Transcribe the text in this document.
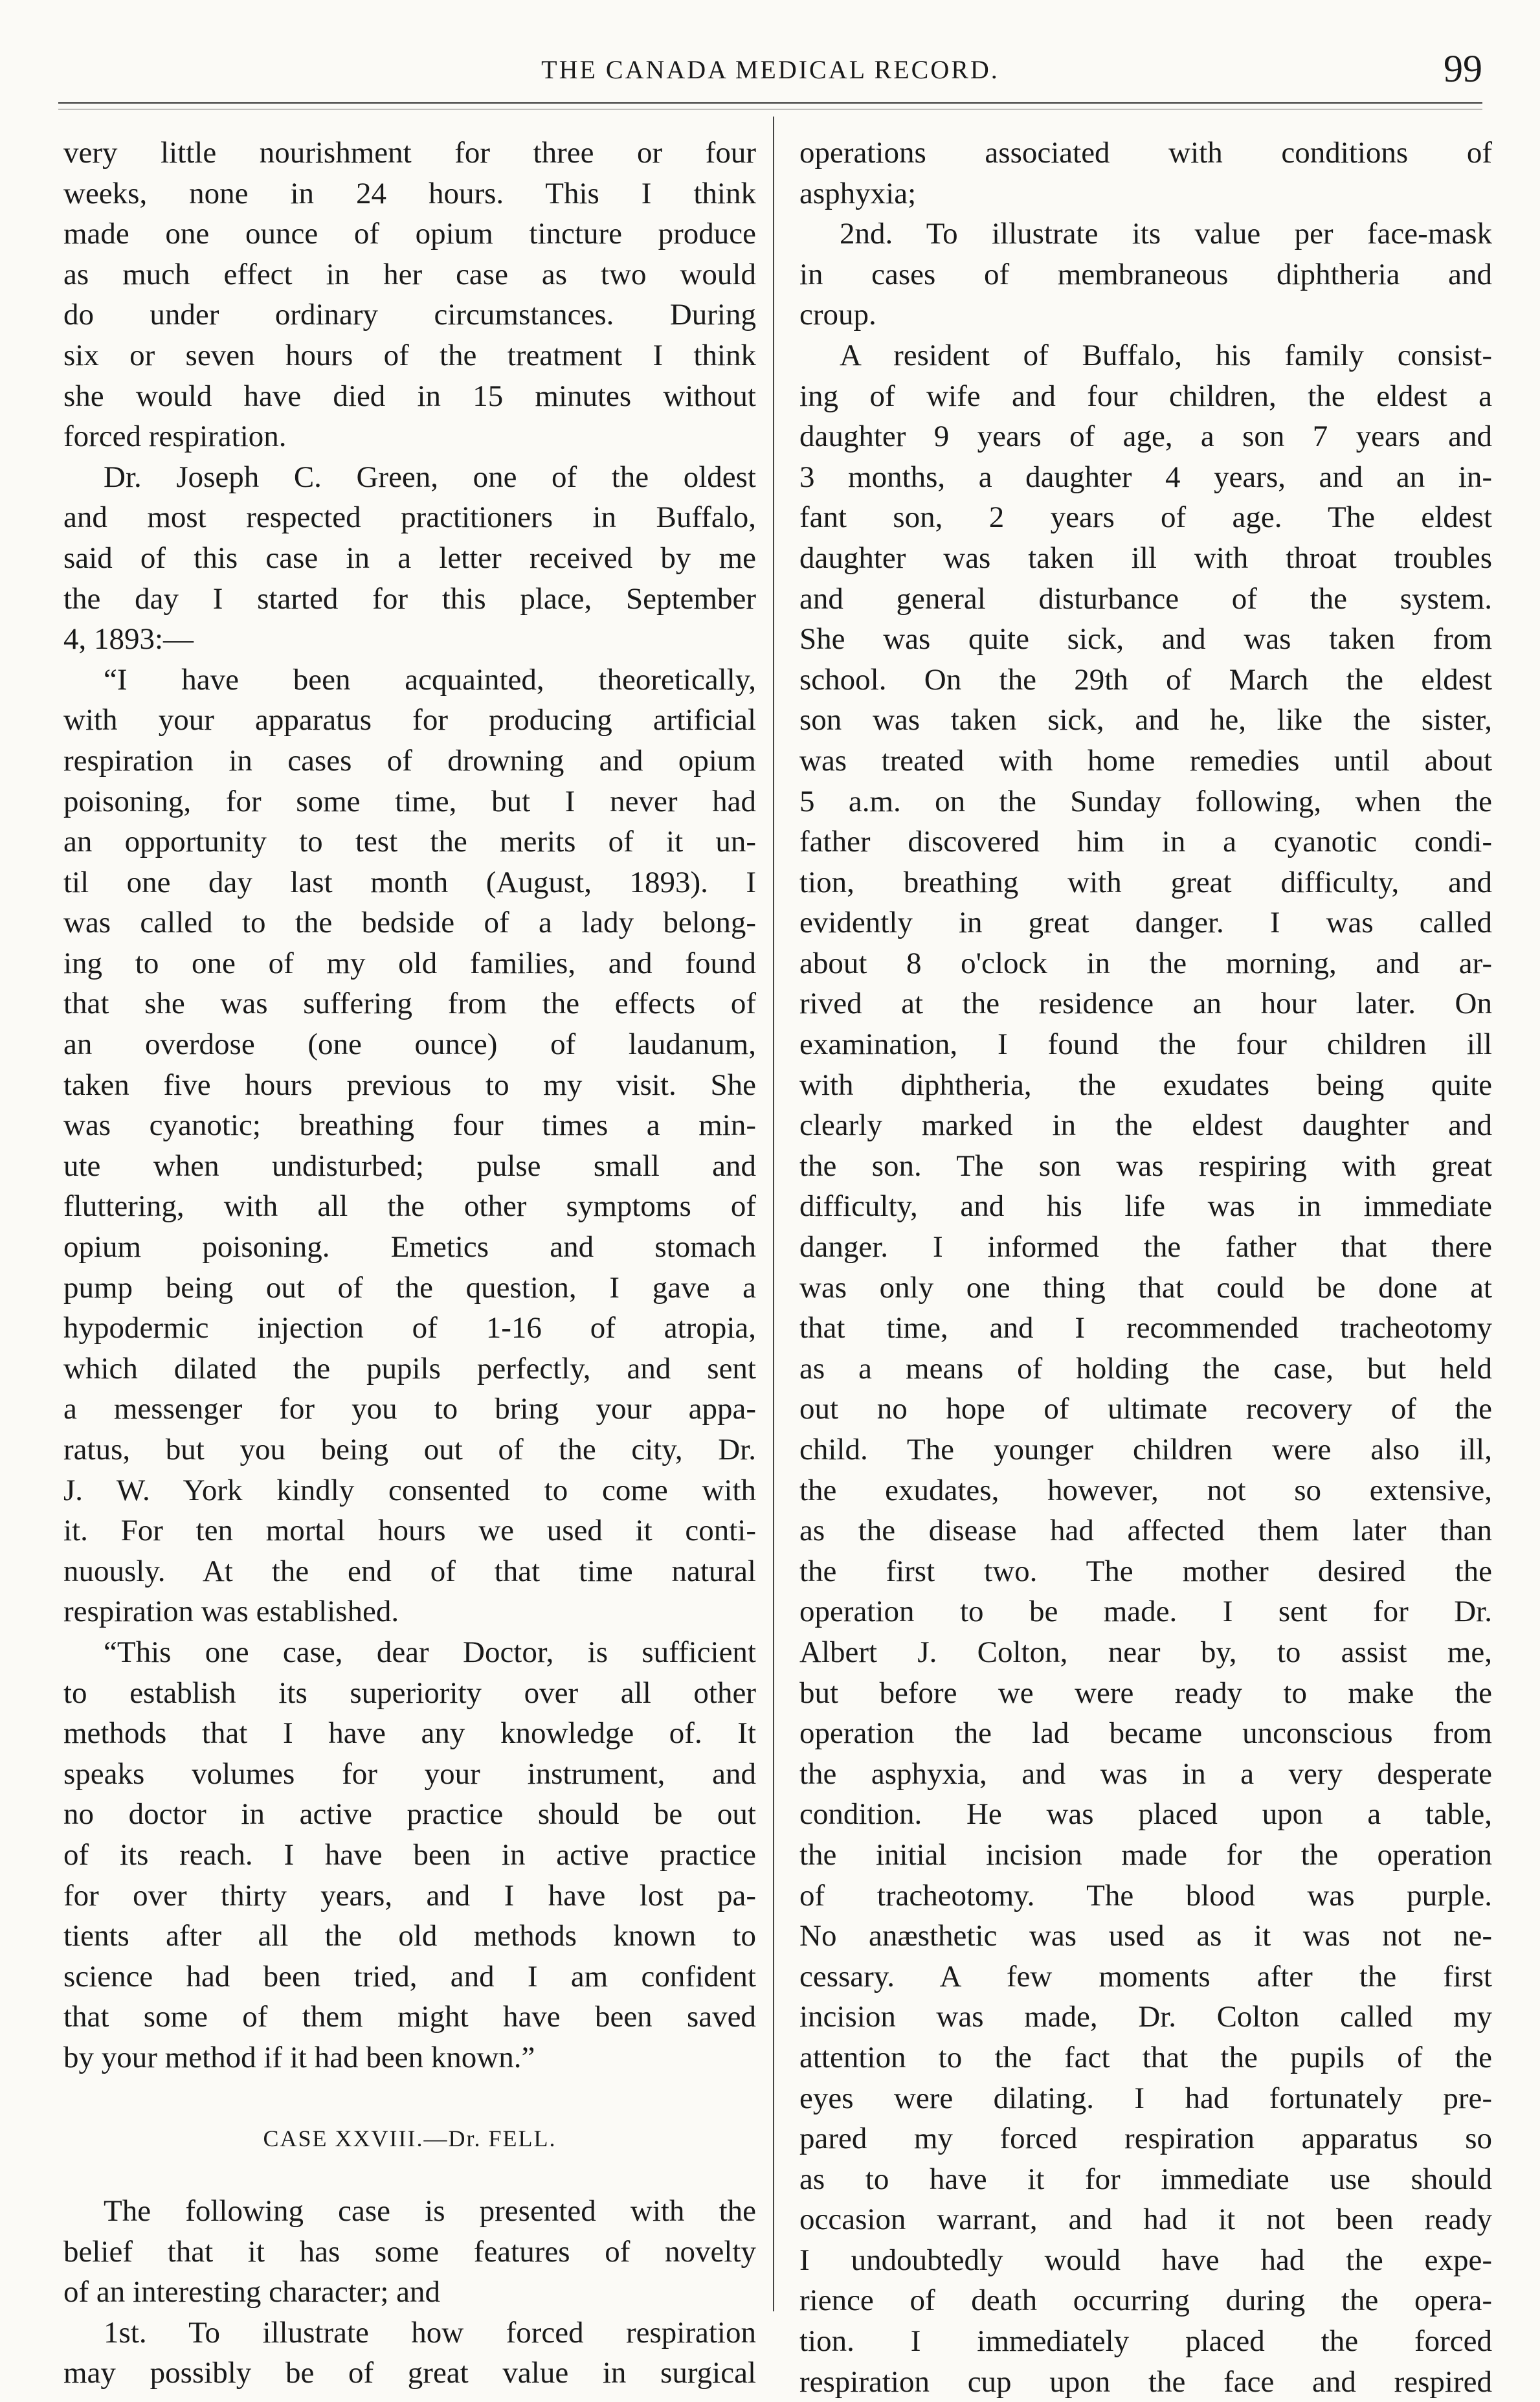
THE CANADA MEDICAL RECORD.	99
very little nourishment for three or four
weeks, none in 24 hours. This I think
made one ounce of opium tincture produce
as much effect in her case as two would
do under ordinary circumstances. During
six or seven hours of the treatment I think
she would have died in 15 minutes without
forced respiration.
Dr. Joseph C. Green, one of the oldest
and most respected practitioners in Buffalo,
said of this case in a letter received by me
the day I started for this place, September
4, 1893:—
“I have been acquainted, theoretically,
with your apparatus for producing artificial
respiration in cases of drowning and opium
poisoning, for some time, but I never had
an opportunity to test the merits of it un-
til one day last month (August, 1893). I
was called to the bedside of a lady belong-
ing to one of my old families, and found
that she was suffering from the effects of
an overdose (one ounce) of laudanum,
taken five hours previous to my visit. She
was cyanotic; breathing four times a min-
ute when undisturbed; pulse small and
fluttering, with all the other symptoms of
opium poisoning. Emetics and stomach
pump being out of the question, I gave a
hypodermic injection of 1-16 of atropia,
which dilated the pupils perfectly, and sent
a messenger for you to bring your appa-
ratus, but you being out of the city, Dr.
J. W. York kindly consented to come with
it. For ten mortal hours we used it conti-
nuously. At the end of that time natural
respiration was established.
“This one case, dear Doctor, is sufficient
to establish its superiority over all other
methods that I have any knowledge of. It
speaks volumes for your instrument, and
no doctor in active practice should be out
of its reach. I have been in active practice
for over thirty years, and I have lost pa-
tients after all the old methods known to
science had been tried, and I am confident
that some of them might have been saved
by your method if it had been known.”
CASE XXVIII.—Dr. FELL.
The following case is presented with the
belief that it has some features of novelty
of an interesting character; and
1st. To illustrate how forced respiration
may possibly be of great value in surgical
operations associated with conditions of
asphyxia;
2nd. To illustrate its value per face-mask
in cases of membraneous diphtheria and
croup.
A resident of Buffalo, his family consist-
ing of wife and four children, the eldest a
daughter 9 years of age, a son 7 years and
3 months, a daughter 4 years, and an in-
fant son, 2 years of age. The eldest
daughter was taken ill with throat troubles
and general disturbance of the system.
She was quite sick, and was taken from
school. On the 29th of March the eldest
son was taken sick, and he, like the sister,
was treated with home remedies until about
5 a.m. on the Sunday following, when the
father discovered him in a cyanotic condi-
tion, breathing with great difficulty, and
evidently in great danger. I was called
about 8 o'clock in the morning, and ar-
rived at the residence an hour later. On
examination, I found the four children ill
with diphtheria, the exudates being quite
clearly marked in the eldest daughter and
the son. The son was respiring with great
difficulty, and his life was in immediate
danger. I informed the father that there
was only one thing that could be done at
that time, and I recommended tracheotomy
as a means of holding the case, but held
out no hope of ultimate recovery of the
child. The younger children were also ill,
the exudates, however, not so extensive,
as the disease had affected them later than
the first two. The mother desired the
operation to be made. I sent for Dr.
Albert J. Colton, near by, to assist me,
but before we were ready to make the
operation the lad became unconscious from
the asphyxia, and was in a very desperate
condition. He was placed upon a table,
the initial incision made for the operation
of tracheotomy. The blood was purple.
No anæsthetic was used as it was not ne-
cessary. A few moments after the first
incision was made, Dr. Colton called my
attention to the fact that the pupils of the
eyes were dilating. I had fortunately pre-
pared my forced respiration apparatus so
as to have it for immediate use should
occasion warrant, and had it not been ready
I undoubtedly would have had the expe-
rience of death occurring during the opera-
tion. I immediately placed the forced
respiration cup upon the face and respired
